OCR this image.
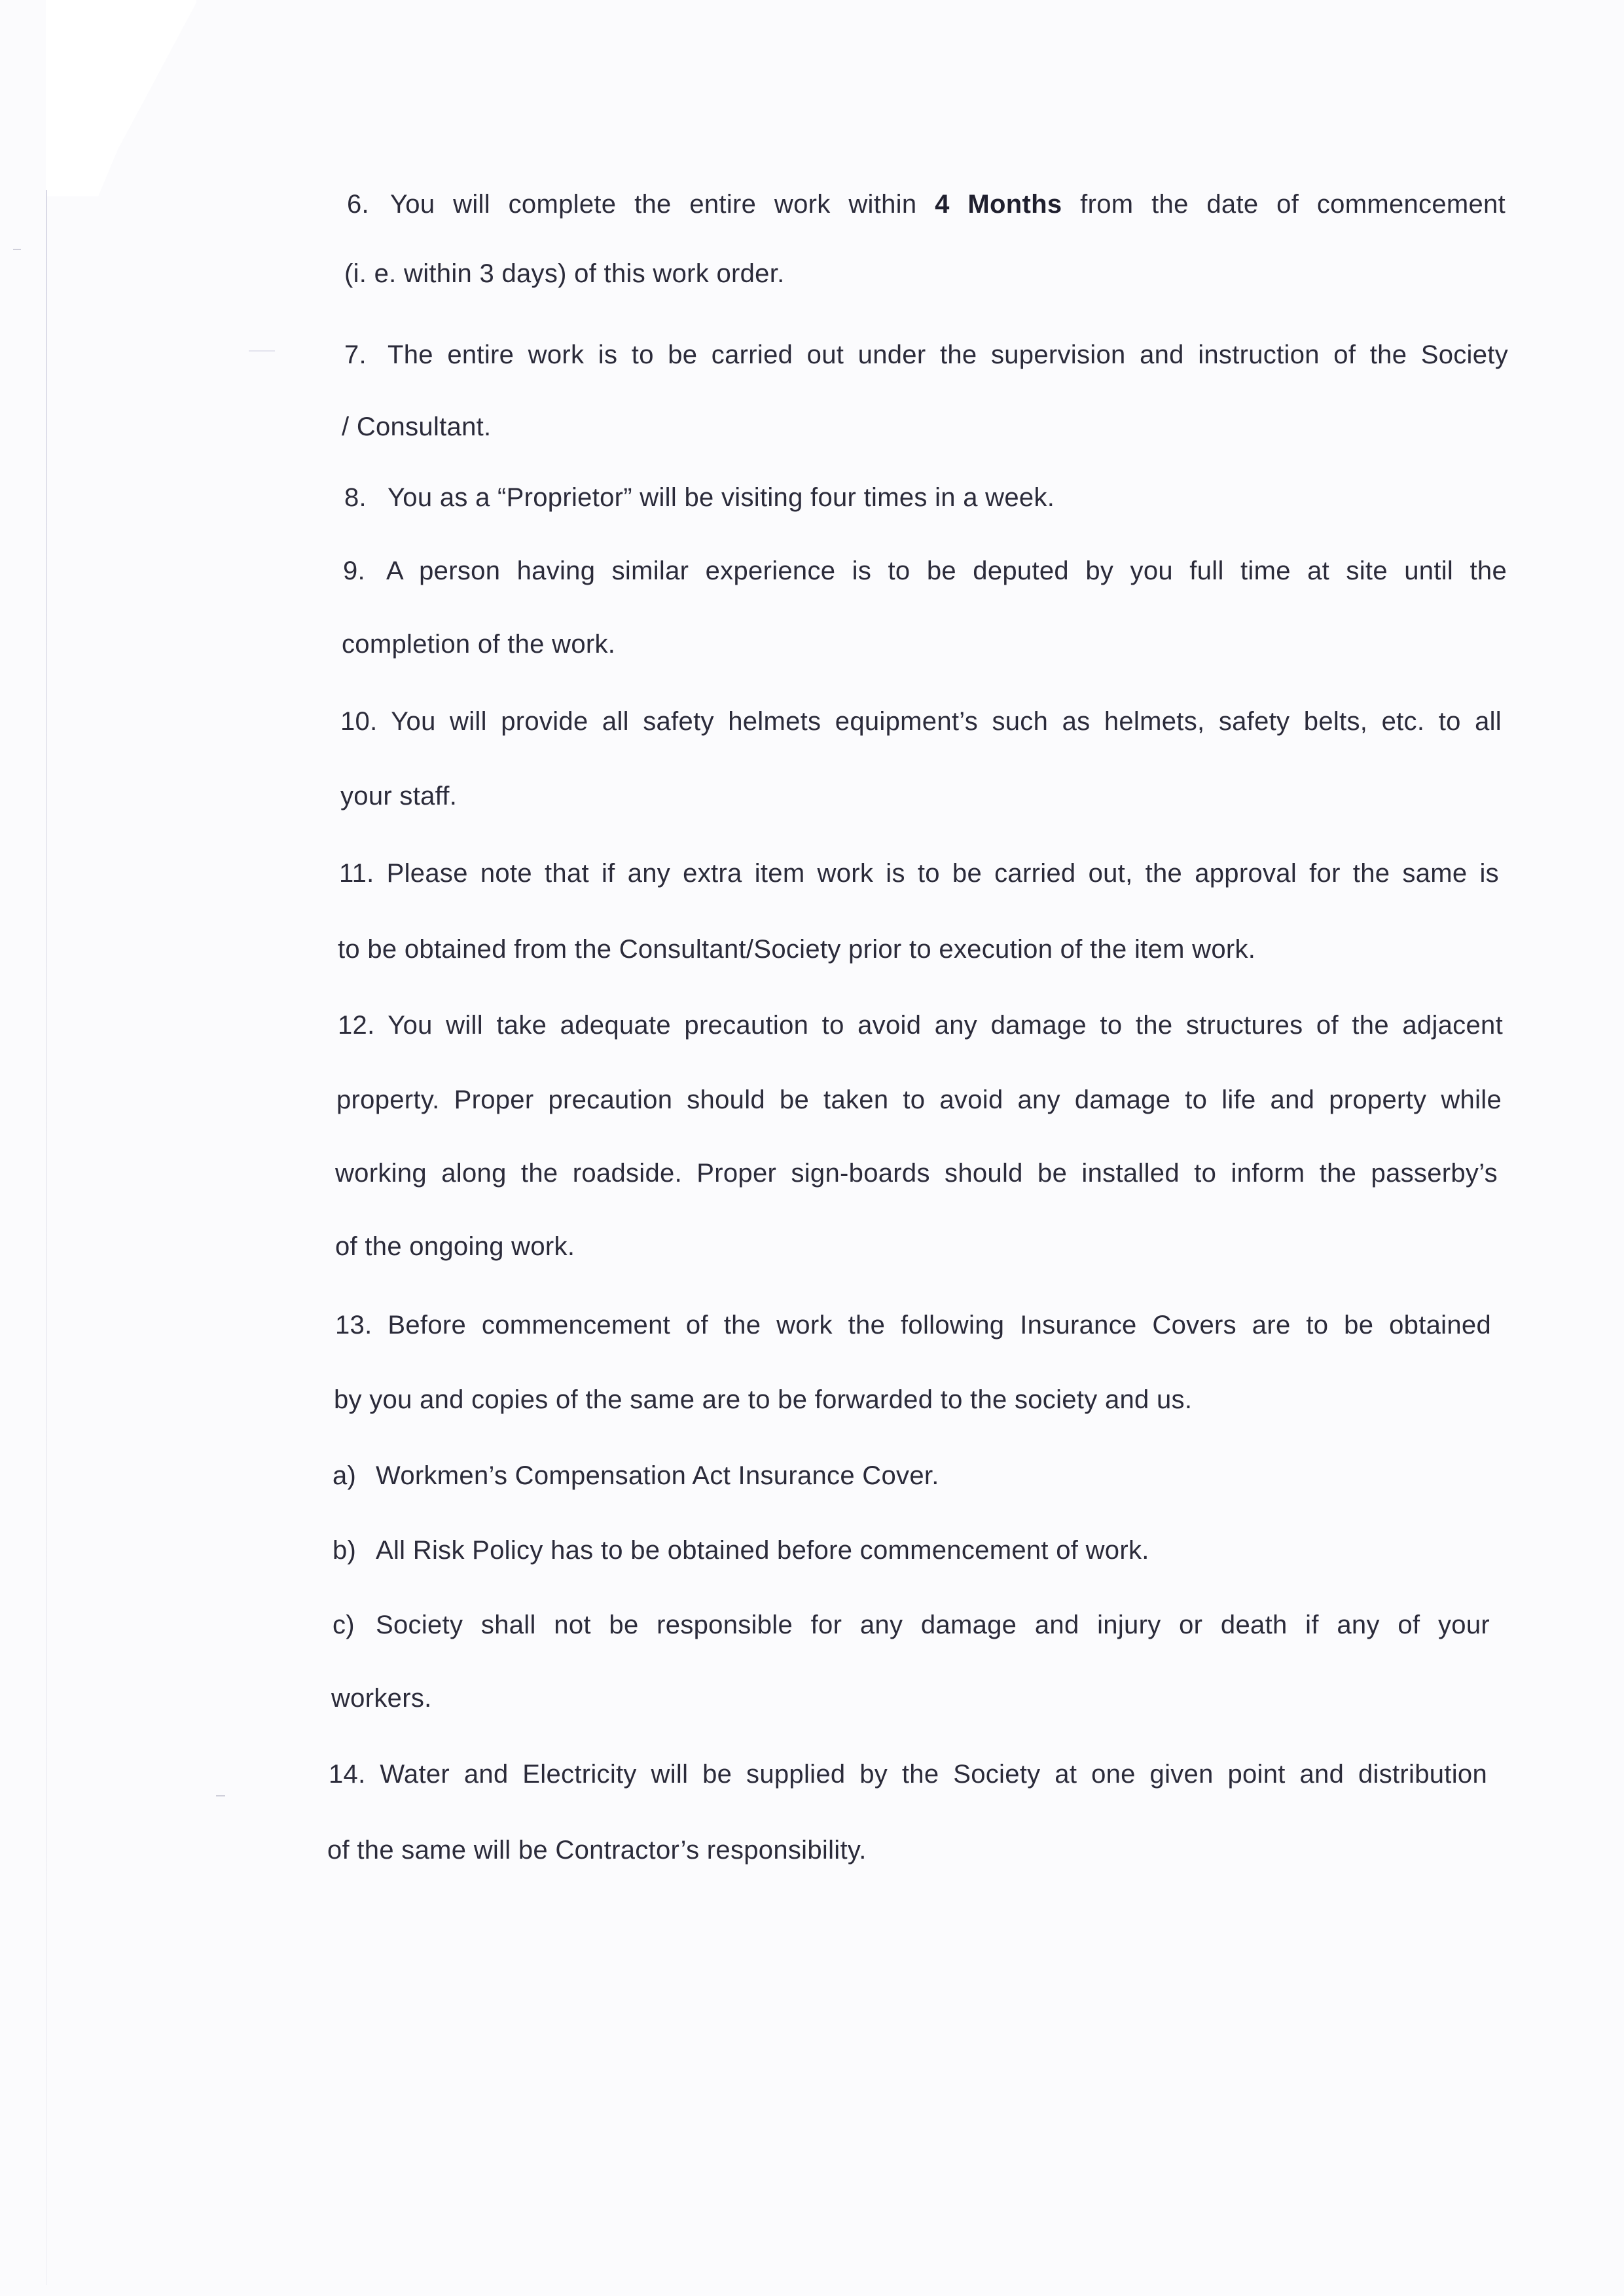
6. You will complete the entire work within 4 Months from the date of commencement
(i. e. within 3 days) of this work order.
7. The entire work is to be carried out under the supervision and instruction of the Society
/ Consultant.
8. You as a “Proprietor” will be visiting four times in a week.
9. A person having similar experience is to be deputed by you full time at site until the
completion of the work.
10. You will provide all safety helmets equipment’s such as helmets, safety belts, etc. to all
your staff.
11. Please note that if any extra item work is to be carried out, the approval for the same is
to be obtained from the Consultant/Society prior to execution of the item work.
12. You will take adequate precaution to avoid any damage to the structures of the adjacent
property. Proper precaution should be taken to avoid any damage to life and property while
working along the roadside. Proper sign-boards should be installed to inform the passerby’s
of the ongoing work.
13. Before commencement of the work the following Insurance Covers are to be obtained
by you and copies of the same are to be forwarded to the society and us.
a) Workmen’s Compensation Act Insurance Cover.
b) All Risk Policy has to be obtained before commencement of work.
c) Society shall not be responsible for any damage and injury or death if any of your
workers.
14. Water and Electricity will be supplied by the Society at one given point and distribution
of the same will be Contractor’s responsibility.
